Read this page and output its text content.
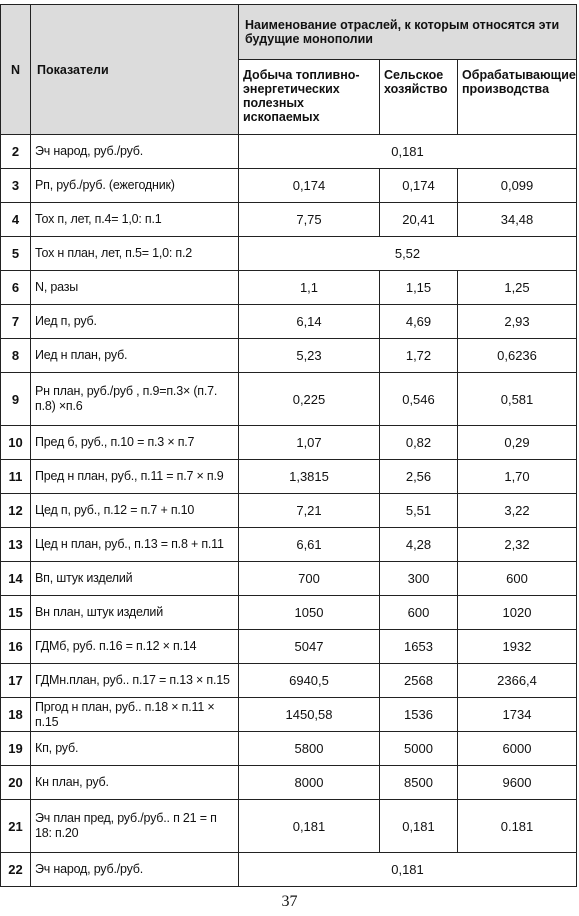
N	Показатели	Наименование отраслей, к которым относятся эти будущие монополии		
		Добыча топливно-энергетических полезных ископаемых	Сельское хозяйство	Обрабатывающие производства
2	Эч народ, руб./руб.	0,181		
3	Рп, руб./руб. (ежегодник)	0,174	0,174	0,099
4	Тох п, лет, п.4= 1,0: п.1	7,75	20,41	34,48
5	Тох н план, лет, п.5= 1,0: п.2	5,52		
6	N, разы	1,1	1,15	1,25
7	Иед п, руб.	6,14	4,69	2,93
8	Иед н план, руб.	5,23	1,72	0,6236
9	Рн план, руб./руб , п.9=п.3× (п.7. п.8) ×п.6	0,225	0,546	0,581
10	Пред б, руб., п.10 = п.3 × п.7	1,07	0,82	0,29
11	Пред н план, руб., п.11 = п.7 × п.9	1,3815	2,56	1,70
12	Цед п, руб., п.12 = п.7 + п.10	7,21	5,51	3,22
13	Цед н план, руб., п.13 = п.8 + п.11	6,61	4,28	2,32
14	Вп, штук изделий	700	300	600
15	Вн план, штук изделий	1050	600	1020
16	ГДМб, руб. п.16 = п.12 × п.14	5047	1653	1932
17	ГДМн.план, руб.. п.17 = п.13 × п.15	6940,5	2568	2366,4
18	Пргод н план, руб.. п.18 × п.11 × п.15	1450,58	1536	1734
19	Кп, руб.	5800	5000	6000
20	Кн план, руб.	8000	8500	9600
21	Эч план пред, руб./руб.. п 21 = п 18: п.20	0,181	0,181	0.181
22	Эч народ, руб./руб.	0,181		
37
